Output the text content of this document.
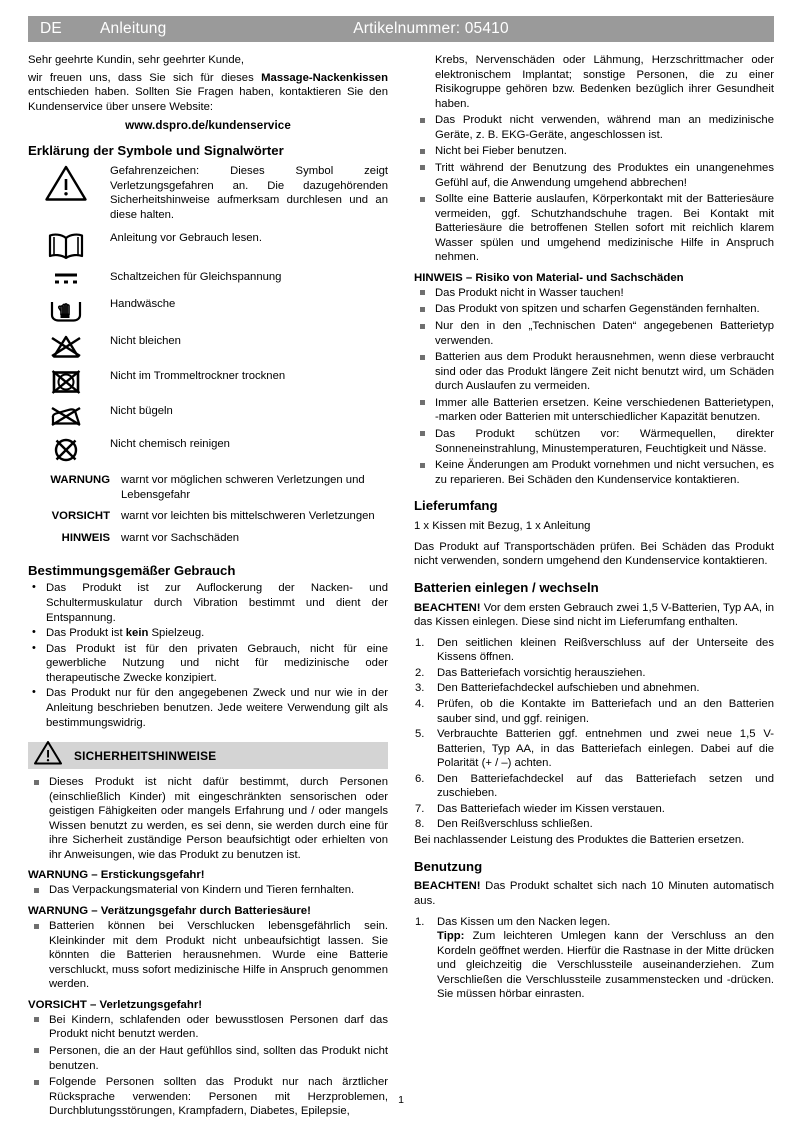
DE	Anleitung	Artikelnummer: 05410

Sehr geehrte Kundin, sehr geehrter Kunde,

wir freuen uns, dass Sie sich für dieses Massage-Nackenkissen entschieden haben. Sollten Sie Fragen haben, kontaktieren Sie den Kundenservice über unsere Website:

www.dspro.de/kundenservice
Erklärung der Symbole und Signalwörter
	Gefahrenzeichen: Dieses Symbol zeigt Verletzungsgefahren an. Die dazugehörenden Sicherheitshinweise aufmerksam durchlesen und an diese halten.

	Anleitung vor Gebrauch lesen.

	Schaltzeichen für Gleichspannung

	Handwäsche

	Nicht bleichen

	Nicht im Trommeltrockner trocknen

	Nicht bügeln

	Nicht chemisch reinigen
WARNUNG	warnt vor möglichen schweren Verletzungen und Lebensgefahr
VORSICHT	warnt vor leichten bis mittelschweren Verletzungen
HINWEIS	warnt vor Sachschäden
Bestimmungsgemäßer Gebrauch
• Das Produkt ist zur Auflockerung der Nacken- und Schultermuskulatur durch Vibration bestimmt und dient der Entspannung.
• Das Produkt ist kein Spielzeug.
• Das Produkt ist für den privaten Gebrauch, nicht für eine gewerbliche Nutzung und nicht für medizinische oder therapeutische Zwecke konzipiert.
• Das Produkt nur für den angegebenen Zweck und nur wie in der Anleitung beschrieben benutzen. Jede weitere Verwendung gilt als bestimmungswidrig.
SICHERHEITSHINWEISE
Dieses Produkt ist nicht dafür bestimmt, durch Personen (einschließlich Kinder) mit eingeschränkten sensorischen oder geistigen Fähigkeiten oder mangels Erfahrung und / oder mangels Wissen benutzt zu werden, es sei denn, sie werden durch eine für ihre Sicherheit zuständige Person beaufsichtigt oder erhielten von ihr Anweisungen, wie das Produkt zu benutzen ist.
WARNUNG – Erstickungsgefahr!
Das Verpackungsmaterial von Kindern und Tieren fernhalten.
WARNUNG – Verätzungsgefahr durch Batteriesäure!
Batterien können bei Verschlucken lebensgefährlich sein. Kleinkinder mit dem Produkt nicht unbeaufsichtigt lassen. Sie könnten die Batterien herausnehmen. Wurde eine Batterie verschluckt, muss sofort medizinische Hilfe in Anspruch genommen werden.
VORSICHT – Verletzungsgefahr!
Bei Kindern, schlafenden oder bewusstlosen Personen darf das Produkt nicht benutzt werden.
Personen, die an der Haut gefühllos sind, sollten das Produkt nicht benutzen.
Folgende Personen sollten das Produkt nur nach ärztlicher Rücksprache verwenden: Personen mit Herzproblemen, Durchblutungsstörungen, Krampfadern, Diabetes, Epilepsie,

Krebs, Nervenschäden oder Lähmung, Herzschrittmacher oder elektronischem Implantat; sonstige Personen, die zu einer Risikogruppe gehören bzw. Bedenken bezüglich ihrer Gesundheit haben.

Das Produkt nicht verwenden, während man an medizinische Geräte, z. B. EKG-Geräte, angeschlossen ist.
Nicht bei Fieber benutzen.
Tritt während der Benutzung des Produktes ein unangenehmes Gefühl auf, die Anwendung umgehend abbrechen!
Sollte eine Batterie auslaufen, Körperkontakt mit der Batteriesäure vermeiden, ggf. Schutzhandschuhe tragen. Bei Kontakt mit Batteriesäure die betroffenen Stellen sofort mit reichlich klarem Wasser spülen und umgehend medizinische Hilfe in Anspruch nehmen.
HINWEIS – Risiko von Material- und Sachschäden
Das Produkt nicht in Wasser tauchen!
Das Produkt von spitzen und scharfen Gegenständen fernhalten.
Nur den in den „Technischen Daten“ angegebenen Batterietyp verwenden.
Batterien aus dem Produkt herausnehmen, wenn diese verbraucht sind oder das Produkt längere Zeit nicht benutzt wird, um Schäden durch Auslaufen zu vermeiden.
Immer alle Batterien ersetzen. Keine verschiedenen Batterietypen, -marken oder Batterien mit unterschiedlicher Kapazität benutzen.
Das Produkt schützen vor: Wärmequellen, direkter Sonneneinstrahlung, Minustemperaturen, Feuchtigkeit und Nässe.
Keine Änderungen am Produkt vornehmen und nicht versuchen, es zu reparieren. Bei Schäden den Kundenservice kontaktieren.
Lieferumfang

1 x Kissen mit Bezug, 1 x Anleitung

Das Produkt auf Transportschäden prüfen. Bei Schäden das Produkt nicht verwenden, sondern umgehend den Kundenservice kontaktieren.

Batterien einlegen / wechseln

BEACHTEN! Vor dem ersten Gebrauch zwei 1,5 V-Batterien, Typ AA, in das Kissen einlegen. Diese sind nicht im Lieferumfang enthalten.

Den seitlichen kleinen Reißverschluss auf der Unterseite des Kissens öffnen.
Das Batteriefach vorsichtig herausziehen.
Den Batteriefachdeckel aufschieben und abnehmen.
Prüfen, ob die Kontakte im Batteriefach und an den Batterien sauber sind, und ggf. reinigen.
Verbrauchte Batterien ggf. entnehmen und zwei neue 1,5 V-Batterien, Typ AA, in das Batteriefach einlegen. Dabei auf die Polarität (+ / –) achten.
Den Batteriefachdeckel auf das Batteriefach setzen und zuschieben.
Das Batteriefach wieder im Kissen verstauen.
Den Reißverschluss schließen.

Bei nachlassender Leistung des Produktes die Batterien ersetzen.

Benutzung

BEACHTEN! Das Produkt schaltet sich nach 10 Minuten automatisch aus.

Das Kissen um den Nacken legen.
Tipp: Zum leichteren Umlegen kann der Verschluss an den Kordeln geöffnet werden. Hierfür die Rastnase in der Mitte drücken und gleichzeitig die Verschlussteile auseinanderziehen. Zum Verschließen die Verschlussteile zusammenstecken und -drücken. Sie müssen hörbar einrasten.
1
